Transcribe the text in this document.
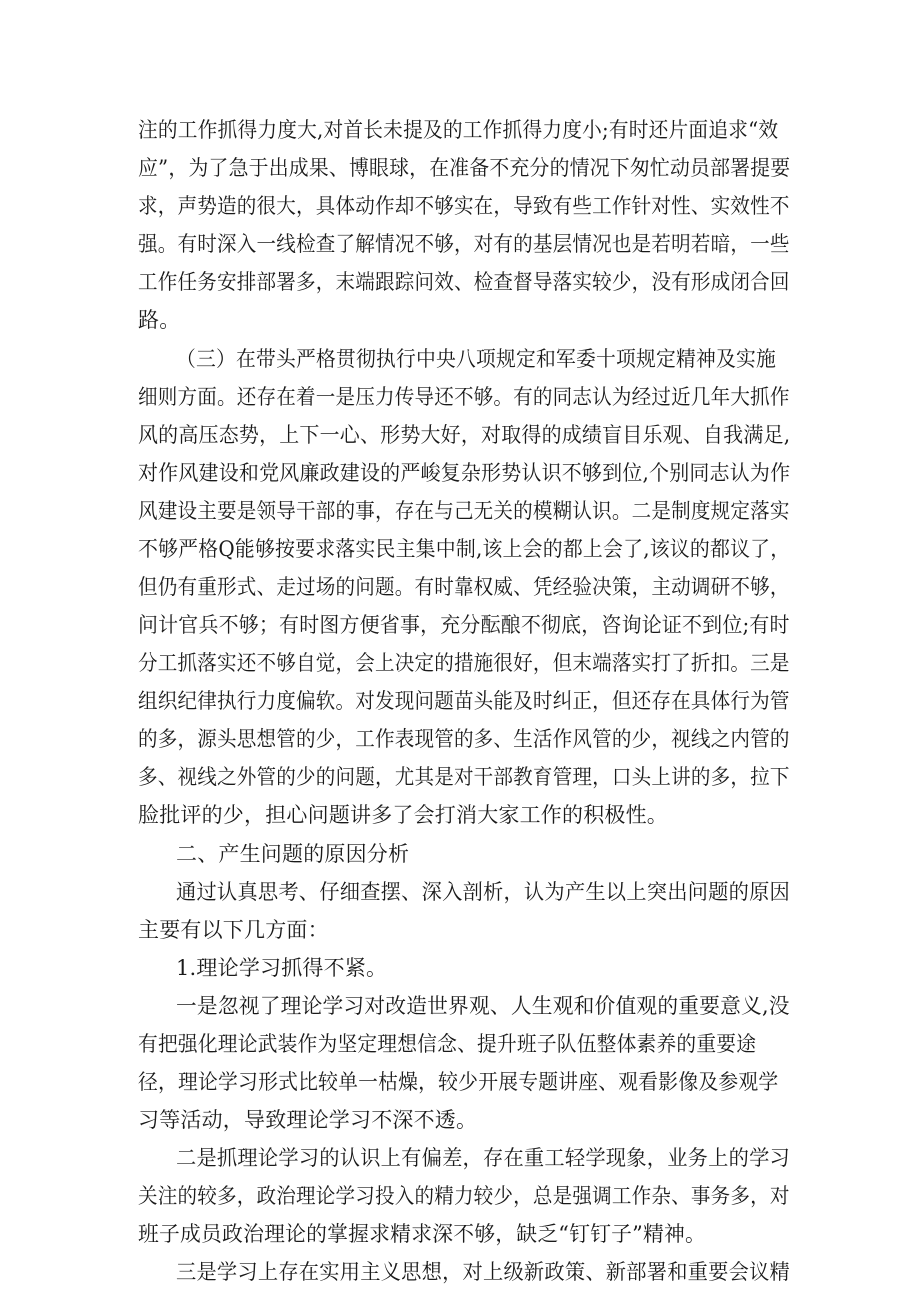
注的工作抓得力度大,对首长未提及的工作抓得力度小;有时还片面追求“效
应”，为了急于出成果、博眼球，在准备不充分的情况下匆忙动员部署提要
求，声势造的很大，具体动作却不够实在，导致有些工作针对性、实效性不
强。有时深入一线检查了解情况不够，对有的基层情况也是若明若暗，一些
工作任务安排部署多，末端跟踪问效、检查督导落实较少，没有形成闭合回
路。
（三）在带头严格贯彻执行中央八项规定和军委十项规定精神及实施
细则方面。还存在着一是压力传导还不够。有的同志认为经过近几年大抓作
风的高压态势，上下一心、形势大好，对取得的成绩盲目乐观、自我满足,
对作风建设和党风廉政建设的严峻复杂形势认识不够到位,个别同志认为作
风建设主要是领导干部的事，存在与己无关的模糊认识。二是制度规定落实
不够严格Q能够按要求落实民主集中制,该上会的都上会了,该议的都议了，
但仍有重形式、走过场的问题。有时靠权威、凭经验决策，主动调研不够，
问计官兵不够；有时图方便省事，充分酝酿不彻底，咨询论证不到位;有时
分工抓落实还不够自觉，会上决定的措施很好，但末端落实打了折扣。三是
组织纪律执行力度偏软。对发现问题苗头能及时纠正，但还存在具体行为管
的多，源头思想管的少，工作表现管的多、生活作风管的少，视线之内管的
多、视线之外管的少的问题，尤其是对干部教育管理，口头上讲的多，拉下
脸批评的少，担心问题讲多了会打消大家工作的积极性。
二、产生问题的原因分析
通过认真思考、仔细查摆、深入剖析，认为产生以上突出问题的原因
主要有以下几方面：
1.理论学习抓得不紧。
一是忽视了理论学习对改造世界观、人生观和价值观的重要意义,没
有把强化理论武装作为坚定理想信念、提升班子队伍整体素养的重要途
径，理论学习形式比较单一枯燥，较少开展专题讲座、观看影像及参观学
习等活动，导致理论学习不深不透。
二是抓理论学习的认识上有偏差，存在重工轻学现象，业务上的学习
关注的较多，政治理论学习投入的精力较少，总是强调工作杂、事务多，对
班子成员政治理论的掌握求精求深不够，缺乏“钉钉子”精神。
三是学习上存在实用主义思想，对上级新政策、新部署和重要会议精
